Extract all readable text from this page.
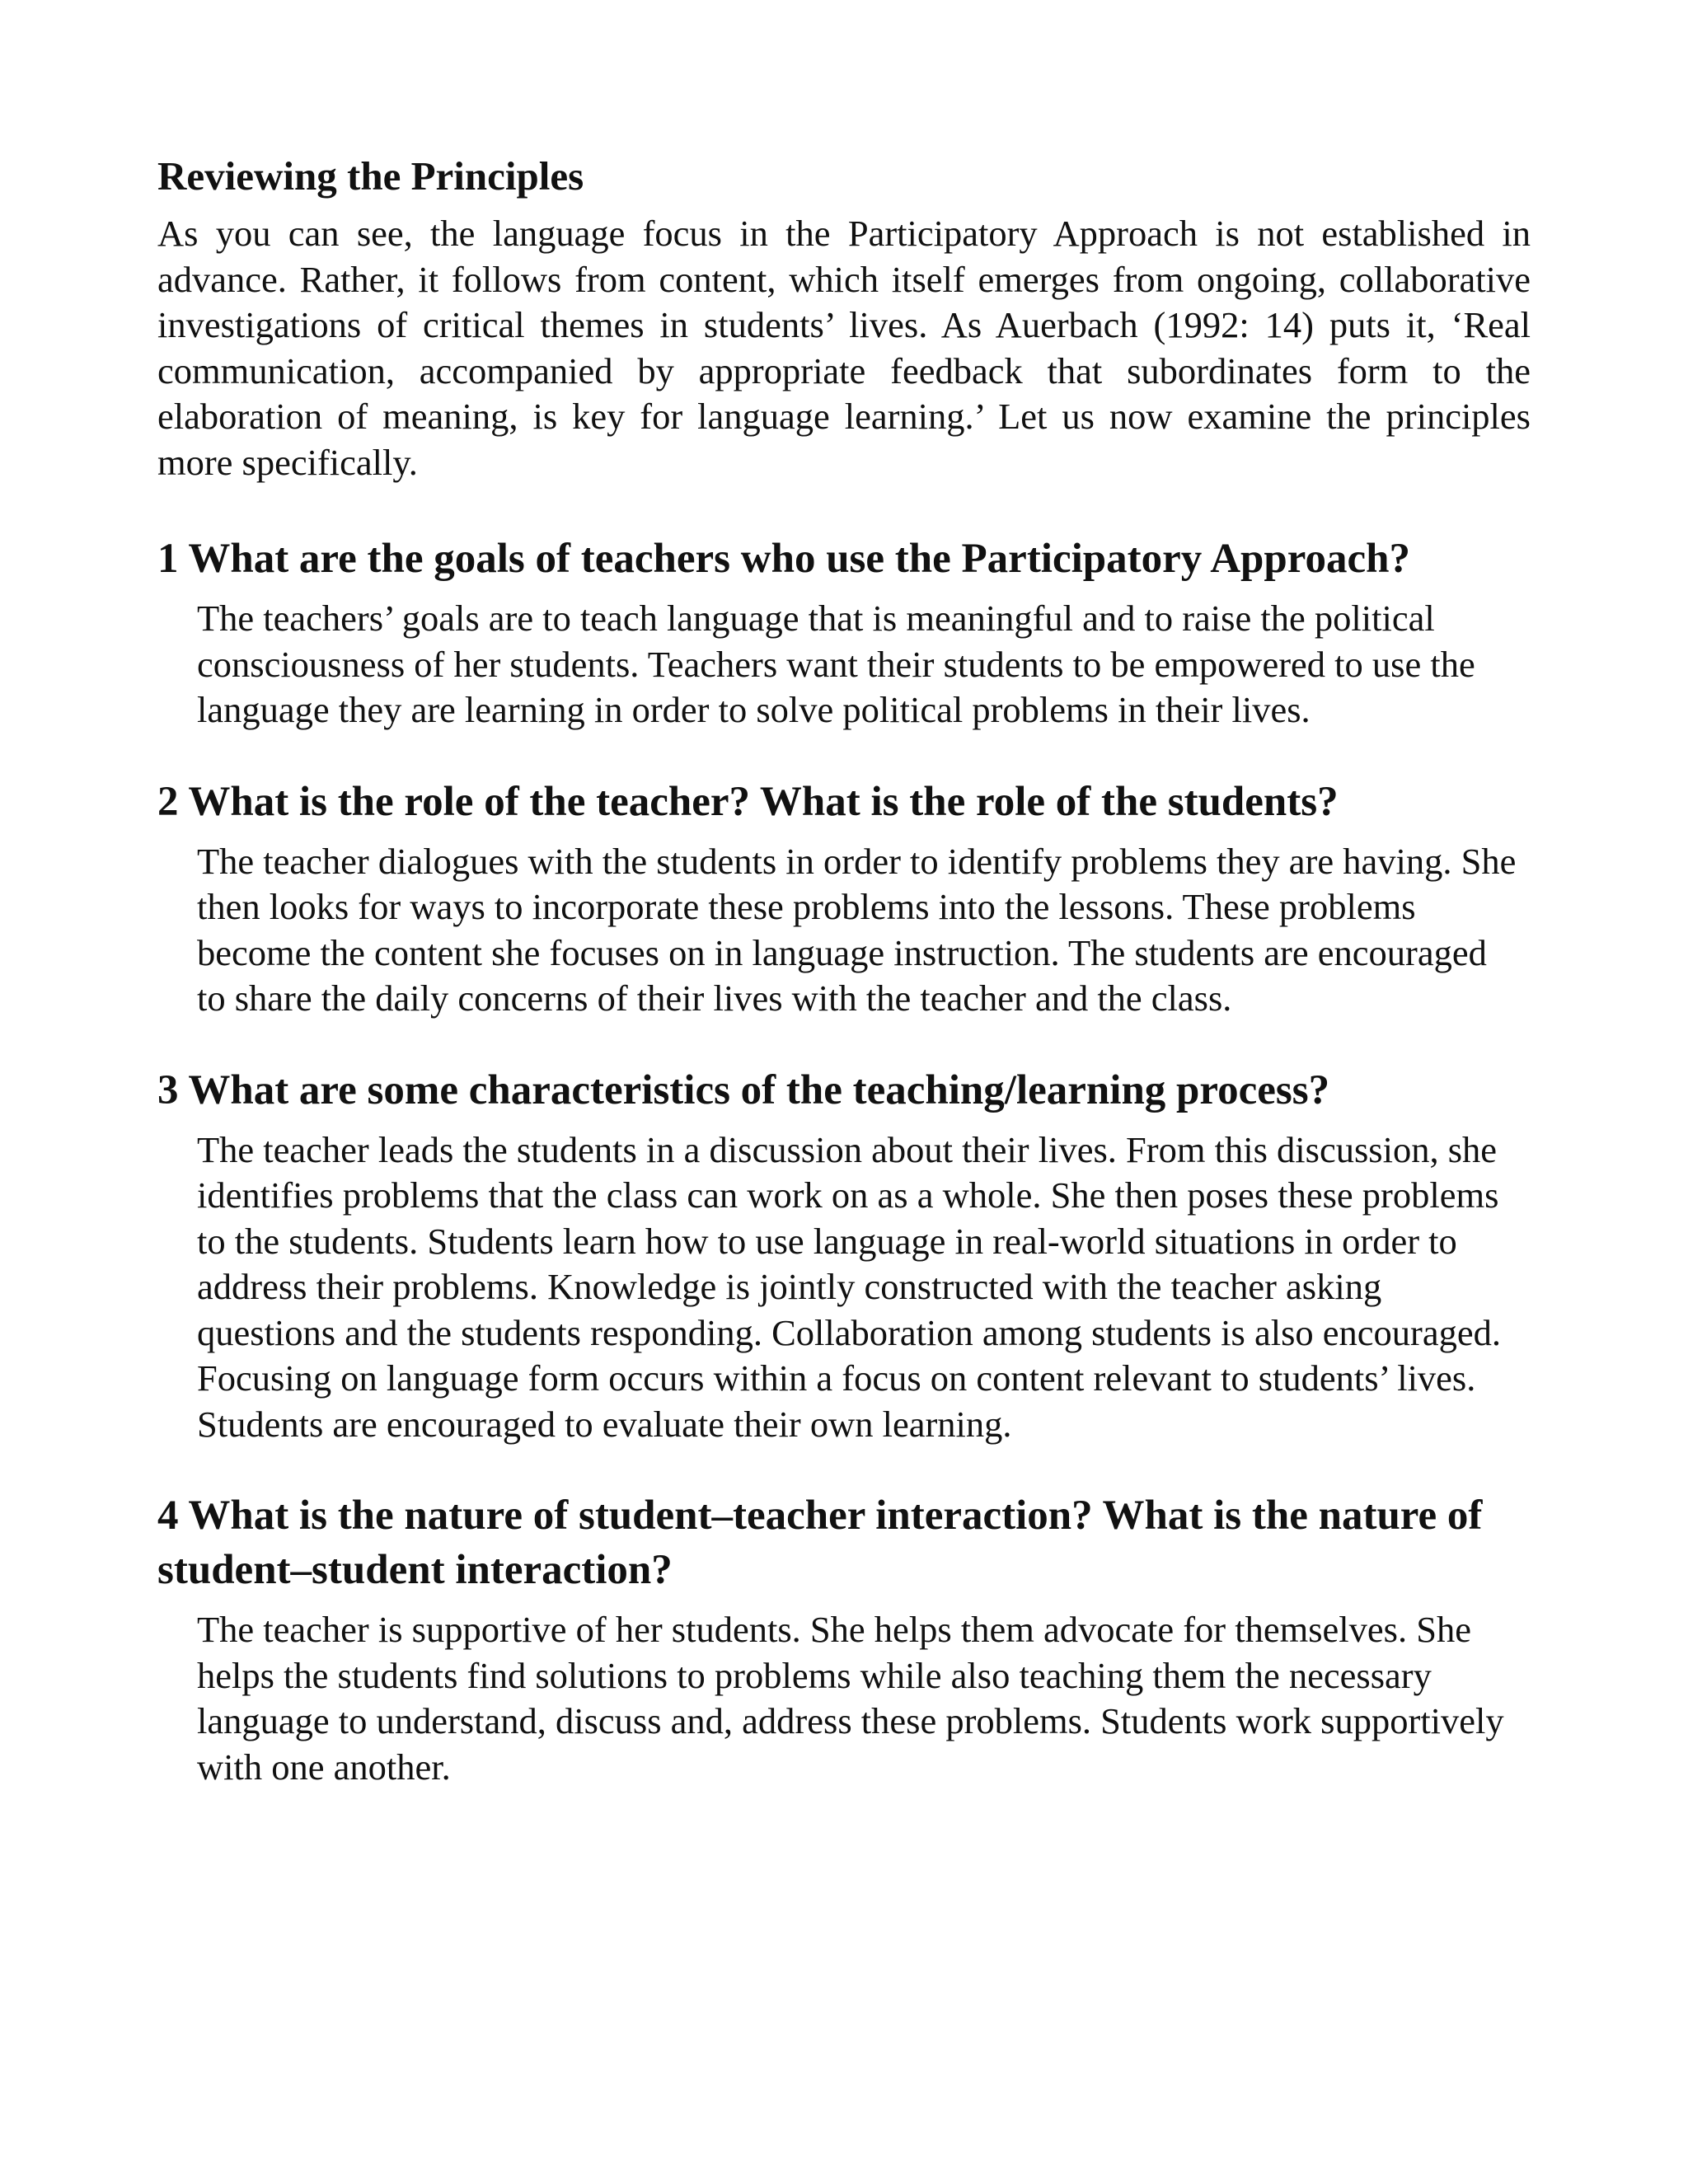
Reviewing the Principles

As you can see, the language focus in the Participatory Approach is not established in advance. Rather, it follows from content, which itself emerges from ongoing, collaborative investigations of critical themes in students’ lives. As Auerbach (1992: 14) puts it, ‘Real communication, accompanied by appropriate feedback that subordinates form to the elaboration of meaning, is key for language learning.’ Let us now examine the principles more specifically.

1 What are the goals of teachers who use the Participatory Approach?

The teachers’ goals are to teach language that is meaningful and to raise the political consciousness of her students. Teachers want their students to be empowered to use the language they are learning in order to solve political problems in their lives.

2 What is the role of the teacher? What is the role of the students?

The teacher dialogues with the students in order to identify problems they are having. She then looks for ways to incorporate these problems into the lessons. These problems become the content she focuses on in language instruction. The students are encouraged to share the daily concerns of their lives with the teacher and the class.

3 What are some characteristics of the teaching/learning process?

The teacher leads the students in a discussion about their lives. From this discussion, she identifies problems that the class can work on as a whole. She then poses these problems to the students. Students learn how to use language in real-world situations in order to address their problems. Knowledge is jointly constructed with the teacher asking questions and the students responding. Collaboration among students is also encouraged. Focusing on language form occurs within a focus on content relevant to students’ lives. Students are encouraged to evaluate their own learning.

4 What is the nature of student–teacher interaction? What is the nature of student–student interaction?

The teacher is supportive of her students. She helps them advocate for themselves. She helps the students find solutions to problems while also teaching them the necessary language to understand, discuss and, address these problems. Students work supportively with one another.
